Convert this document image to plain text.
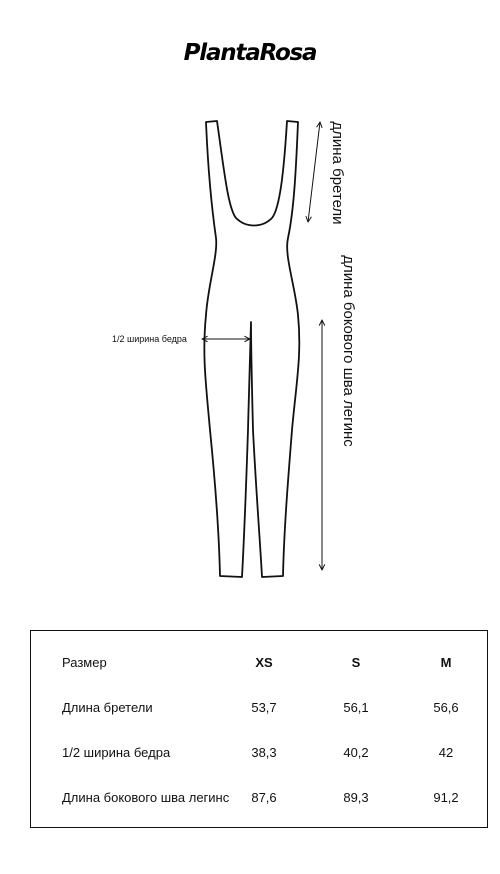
PlantaRosa
длина бретели
1/2 ширина бедра	длина бокового шва легинс
Размер	XS	S	M
Длина бретели	53,7	56,1	56,6
1/2 ширина бедра	38,3	40,2	42
Длина бокового шва легинс	87,6	89,3	91,2
